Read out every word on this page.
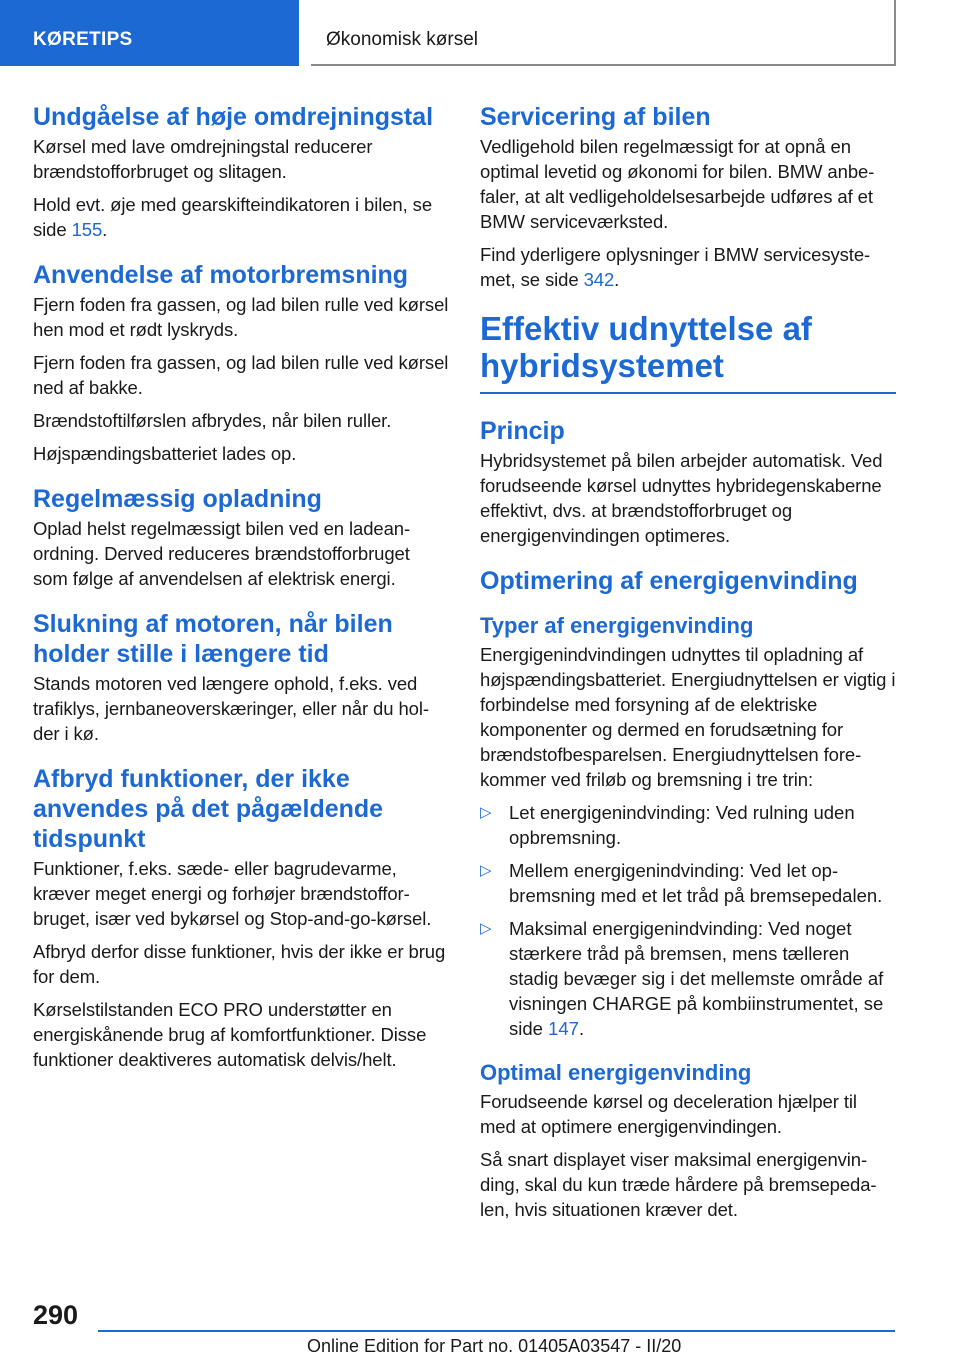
KØRETIPS	Økonomisk kørsel
Undgåelse af høje omdrejningstal

Kørsel med lave omdrejningstal reducerer brændstofforbruget og slitagen.

Hold evt. øje med gearskifteindikatoren i bilen, se side 155.

Anvendelse af motorbremsning

Fjern foden fra gassen, og lad bilen rulle ved kørsel hen mod et rødt lyskryds.

Fjern foden fra gassen, og lad bilen rulle ved kørsel ned af bakke.

Brændstoftilførslen afbrydes, når bilen ruller.

Højspændingsbatteriet lades op.

Regelmæssig opladning

Oplad helst regelmæssigt bilen ved en ladeanordning. Derved reduceres brændstofforbruget som følge af anvendelsen af elektrisk energi.

Slukning af motoren, når bilen holder stille i længere tid

Stands motoren ved længere ophold, f.eks. ved trafiklys, jernbaneoverskæringer, eller når du holder i kø.

Afbryd funktioner, der ikke anvendes på det pågældende tidspunkt

Funktioner, f.eks. sæde- eller bagrudevarme, kræver meget energi og forhøjer brændstofforbruget, især ved bykørsel og Stop-and-go-kørsel.

Afbryd derfor disse funktioner, hvis der ikke er brug for dem.

Kørselstilstanden ECO PRO understøtter en energiskånende brug af komfortfunktioner. Disse funktioner deaktiveres automatisk delvis/helt.

Servicering af bilen

Vedligehold bilen regelmæssigt for at opnå en optimal levetid og økonomi for bilen. BMW anbefaler, at alt vedligeholdelsesarbejde udføres af et BMW serviceværksted.

Find yderligere oplysninger i BMW servicesystemet, se side 342.

Effektiv udnyttelse af hybridsystemet
Princip

Hybridsystemet på bilen arbejder automatisk. Ved forudseende kørsel udnyttes hybridegenskaberne effektivt, dvs. at brændstofforbruget og energigenvindingen optimeres.

Optimering af energigenvinding
Typer af energigenvinding

Energigenindvindingen udnyttes til opladning af højspændingsbatteriet. Energiudnyttelsen er vigtig i forbindelse med forsyning af de elektriske komponenter og dermed en forudsætning for brændstofbesparelsen. Energiudnyttelsen forekommer ved friløb og bremsning i tre trin:

▷ Let energigenindvinding: Ved rulning uden opbremsning.
▷ Mellem energigenindvinding: Ved let opbremsning med et let tråd på bremsepedalen.
▷ Maksimal energigenindvinding: Ved noget stærkere tråd på bremsen, mens tælleren stadig bevæger sig i det mellemste område af visningen CHARGE på kombiinstrumentet, se side 147.
Optimal energigenvinding

Forudseende kørsel og deceleration hjælper til med at optimere energigenvindingen.

Så snart displayet viser maksimal energigenvinding, skal du kun træde hårdere på bremsepedalen, hvis situationen kræver det.

290
Online Edition for Part no. 01405A03547 - II/20
